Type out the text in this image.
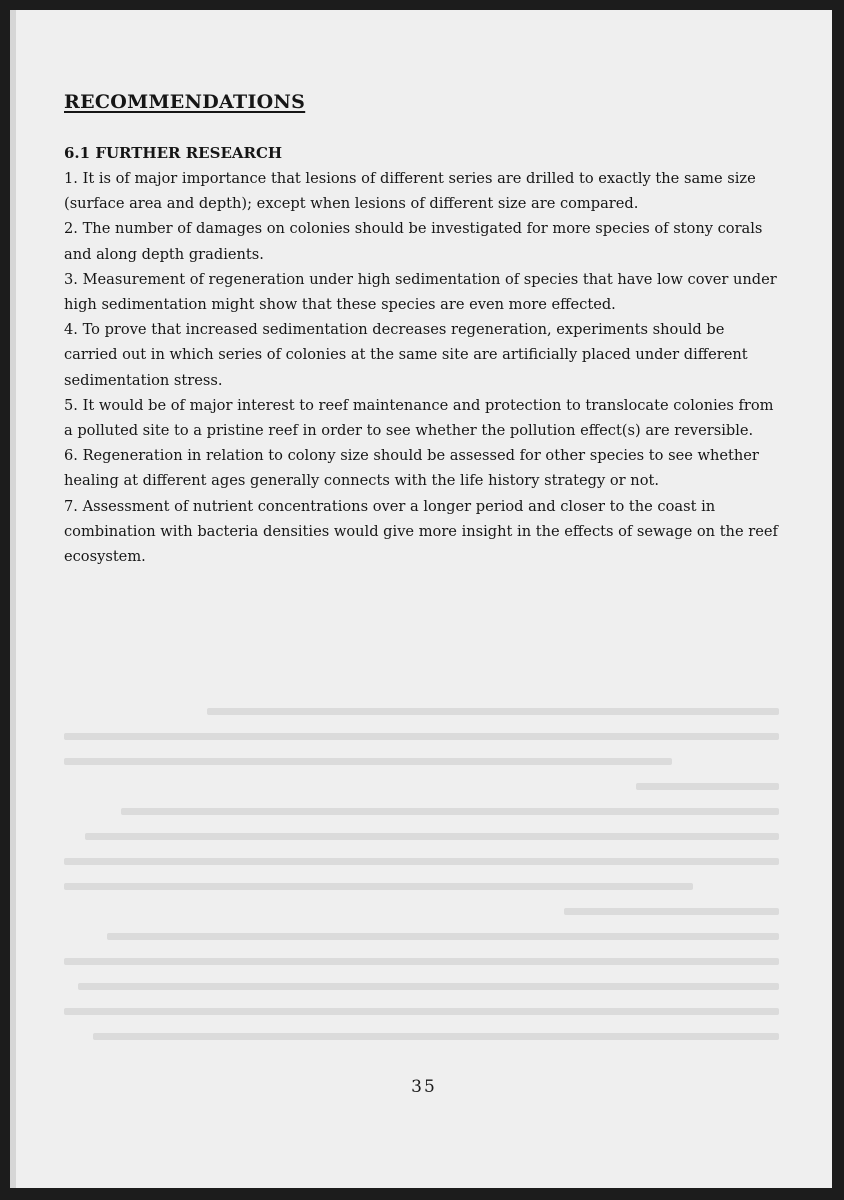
RECOMMENDATIONS
6.1 FURTHER RESEARCH

1. It is of major importance that lesions of different series are drilled to exactly the same size (surface area and depth); except when lesions of different size are compared.

2. The number of damages on colonies should be investigated for more species of stony corals and along depth gradients.

3. Measurement of regeneration under high sedimentation of species that have low cover under high sedimentation might show that these species are even more effected.

4. To prove that increased sedimentation decreases regeneration, experiments should be carried out in which series of colonies at the same site are artificially placed under different sedimentation stress.

5. It would be of major interest to reef maintenance and protection to translocate colonies from a polluted site to a pristine reef in order to see whether the pollution effect(s) are reversible.

6. Regeneration in relation to colony size should be assessed for other species to see whether healing at different ages generally connects with the life history strategy or not.

7. Assessment of nutrient concentrations over a longer period and closer to the coast in combination with bacteria densities would give more insight in the effects of sewage on the reef ecosystem.

35
